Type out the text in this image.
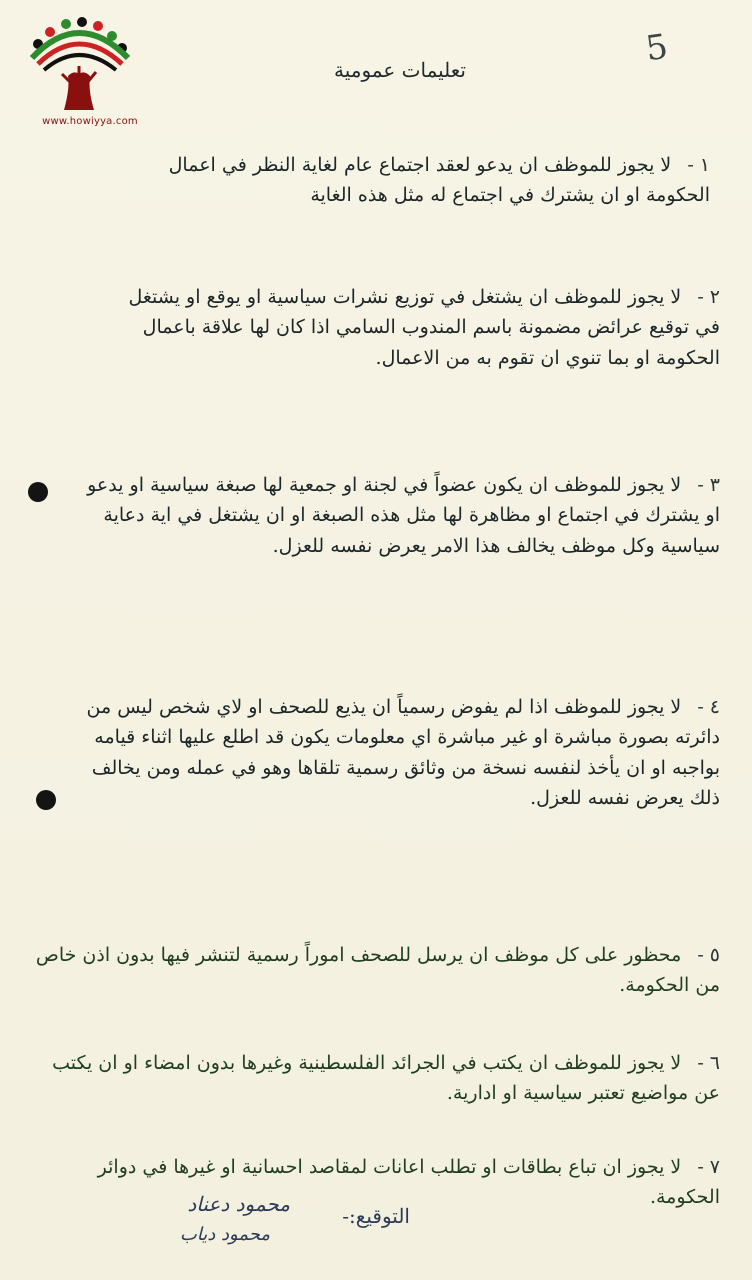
www.howiyya.com
5
تعليمات عمومية
١ - لا يجوز للموظف ان يدعو لعقد اجتماع عام لغاية النظر في اعمال الحكومة او ان يشترك في اجتماع له مثل هذه الغاية
٢ - لا يجوز للموظف ان يشتغل في توزيع نشرات سياسية او يوقع او يشتغل في توقيع عرائض مضمونة باسم المندوب السامي اذا كان لها علاقة باعمال الحكومة او بما تنوي ان تقوم به من الاعمال.
٣ - لا يجوز للموظف ان يكون عضواً في لجنة او جمعية لها صبغة سياسية او يدعو او يشترك في اجتماع او مظاهرة لها مثل هذه الصبغة او ان يشتغل في اية دعاية سياسية وكل موظف يخالف هذا الامر يعرض نفسه للعزل.
٤ - لا يجوز للموظف اذا لم يفوض رسمياً ان يذيع للصحف او لاي شخص ليس من دائرته بصورة مباشرة او غير مباشرة اي معلومات يكون قد اطلع عليها اثناء قيامه بواجبه او ان يأخذ لنفسه نسخة من وثائق رسمية تلقاها وهو في عمله ومن يخالف ذلك يعرض نفسه للعزل.
٥ - محظور على كل موظف ان يرسل للصحف اموراً رسمية لتنشر فيها بدون اذن خاص من الحكومة.
٦ - لا يجوز للموظف ان يكتب في الجرائد الفلسطينية وغيرها بدون امضاء او ان يكتب عن مواضيع تعتبر سياسية او ادارية.
٧ - لا يجوز ان تباع بطاقات او تطلب اعانات لمقاصد احسانية او غيرها في دوائر الحكومة.
التوقيع:-
محمود دعناد
محمود دياب
